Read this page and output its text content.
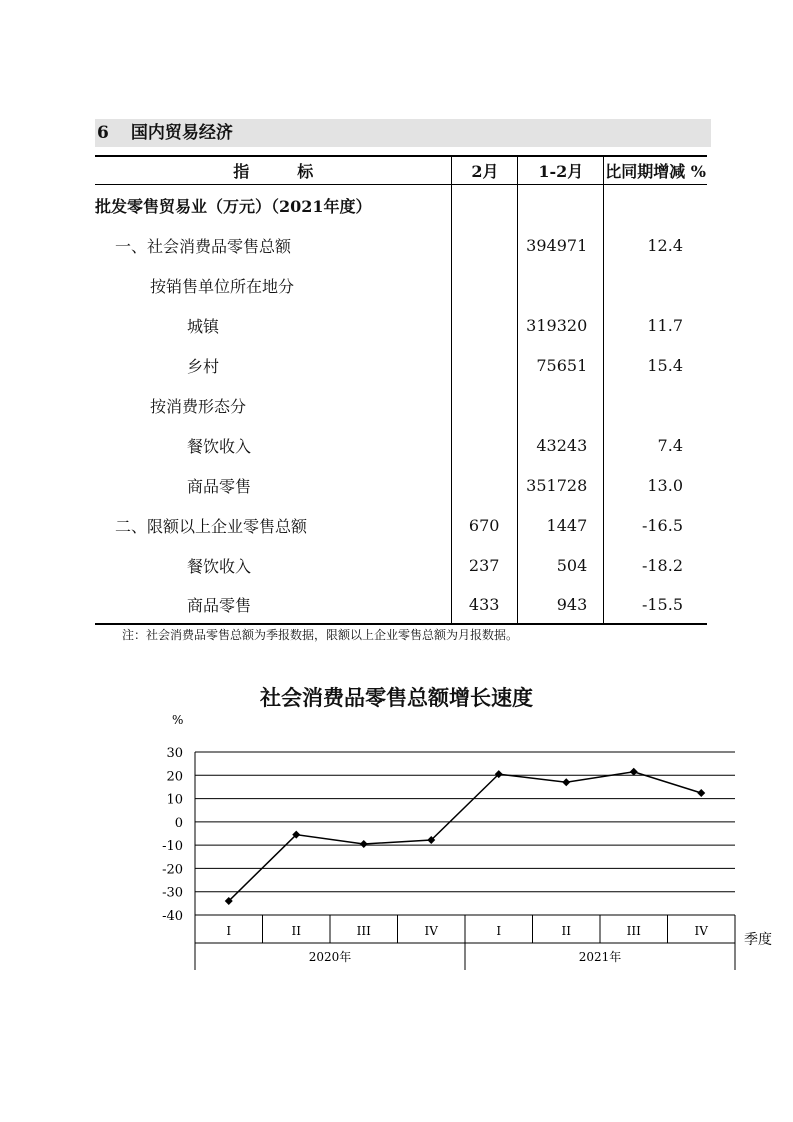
6 国内贸易经济
指　　　标	2月	1-2月	比同期增减 %
批发零售贸易业（万元）（2021年度）			
一、社会消费品零售总额		394971	12.4
按销售单位所在地分			
城镇		319320	11.7
乡村		75651	15.4
按消费形态分			
餐饮收入		43243	7.4
商品零售		351728	13.0
二、限额以上企业零售总额	670	1447	-16.5
餐饮收入	237	504	-18.2
商品零售	433	943	-15.5
注：社会消费品零售总额为季报数据，限额以上企业零售总额为月报数据。
社会消费品零售总额增长速度
30
20
10
0
-10
-20
-30
-40
%
I	II	III	IV	I	II	III	IV
2020年	2021年
季度
